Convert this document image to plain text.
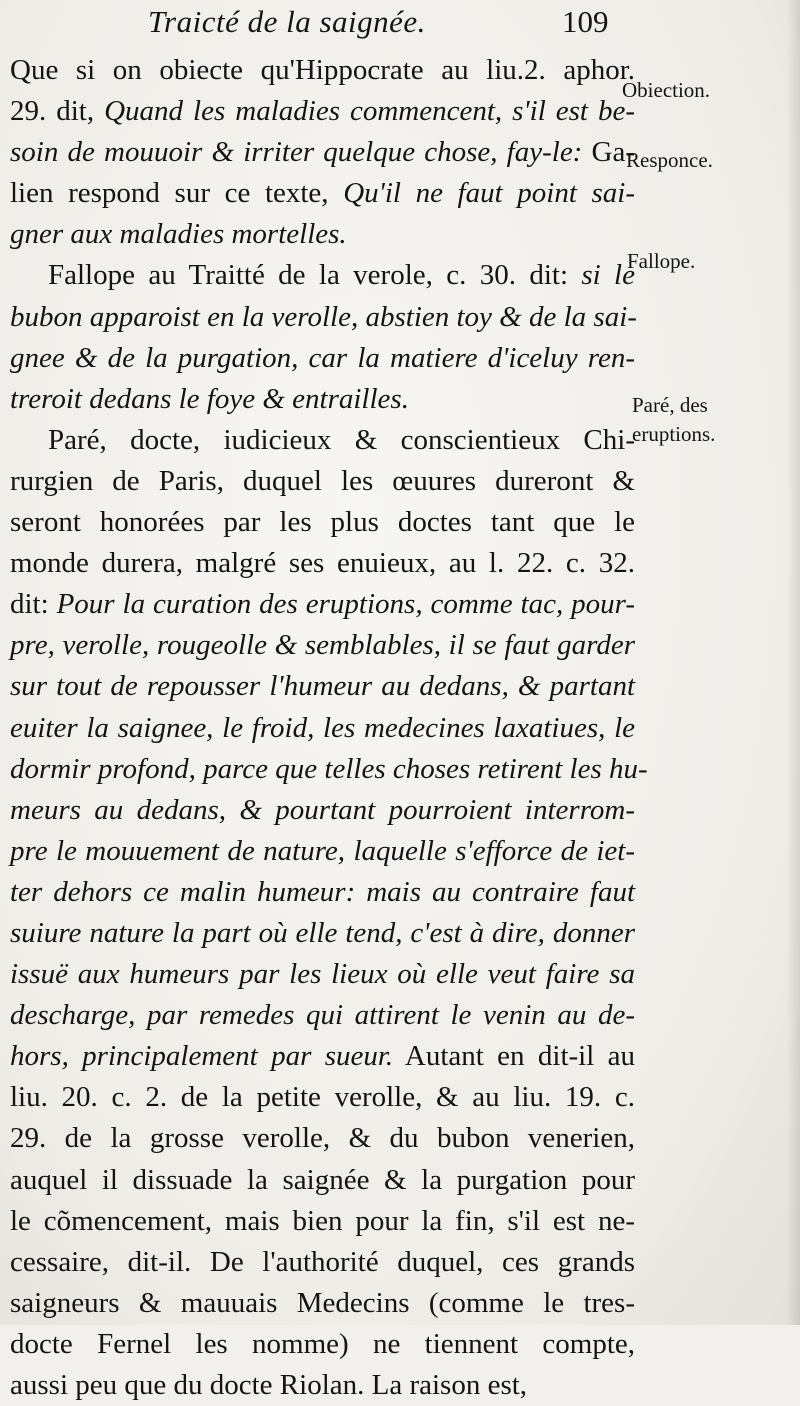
Traicté de la saignée.	109
Que si on obiecte qu'Hippocrate au liu.2. aphor.
29. dit, Quand les maladies commencent, s'il est be-
soin de mouuoir & irriter quelque chose, fay-le: Ga-
lien respond sur ce texte, Qu'il ne faut point sai-
gner aux maladies mortelles.
Fallope au Traitté de la verole, c. 30. dit: si le
bubon apparoist en la verolle, abstien toy & de la sai-
gnee & de la purgation, car la matiere d'iceluy ren-
treroit dedans le foye & entrailles.
Paré, docte, iudicieux & conscientieux Chi-
rurgien de Paris, duquel les œuures dureront &
seront honorées par les plus doctes tant que le
monde durera, malgré ses enuieux, au l. 22. c. 32.
dit: Pour la curation des eruptions, comme tac, pour-
pre, verolle, rougeolle & semblables, il se faut garder
sur tout de repousser l'humeur au dedans, & partant
euiter la saignee, le froid, les medecines laxatiues, le
dormir profond, parce que telles choses retirent les hu-
meurs au dedans, & pourtant pourroient interrom-
pre le mouuement de nature, laquelle s'efforce de iet-
ter dehors ce malin humeur: mais au contraire faut
suiure nature la part où elle tend, c'est à dire, donner
issuë aux humeurs par les lieux où elle veut faire sa
descharge, par remedes qui attirent le venin au de-
hors, principalement par sueur. Autant en dit-il au
liu. 20. c. 2. de la petite verolle, & au liu. 19. c.
29. de la grosse verolle, & du bubon venerien,
auquel il dissuade la saignée & la purgation pour
le cõmencement, mais bien pour la fin, s'il est ne-
cessaire, dit-il. De l'authorité duquel, ces grands
saigneurs & mauuais Medecins (comme le tres-
docte Fernel les nomme) ne tiennent compte,
aussi peu que du docte Riolan. La raison est,
Obiection.
Responce.
Fallope.
Paré, des
eruptions.
